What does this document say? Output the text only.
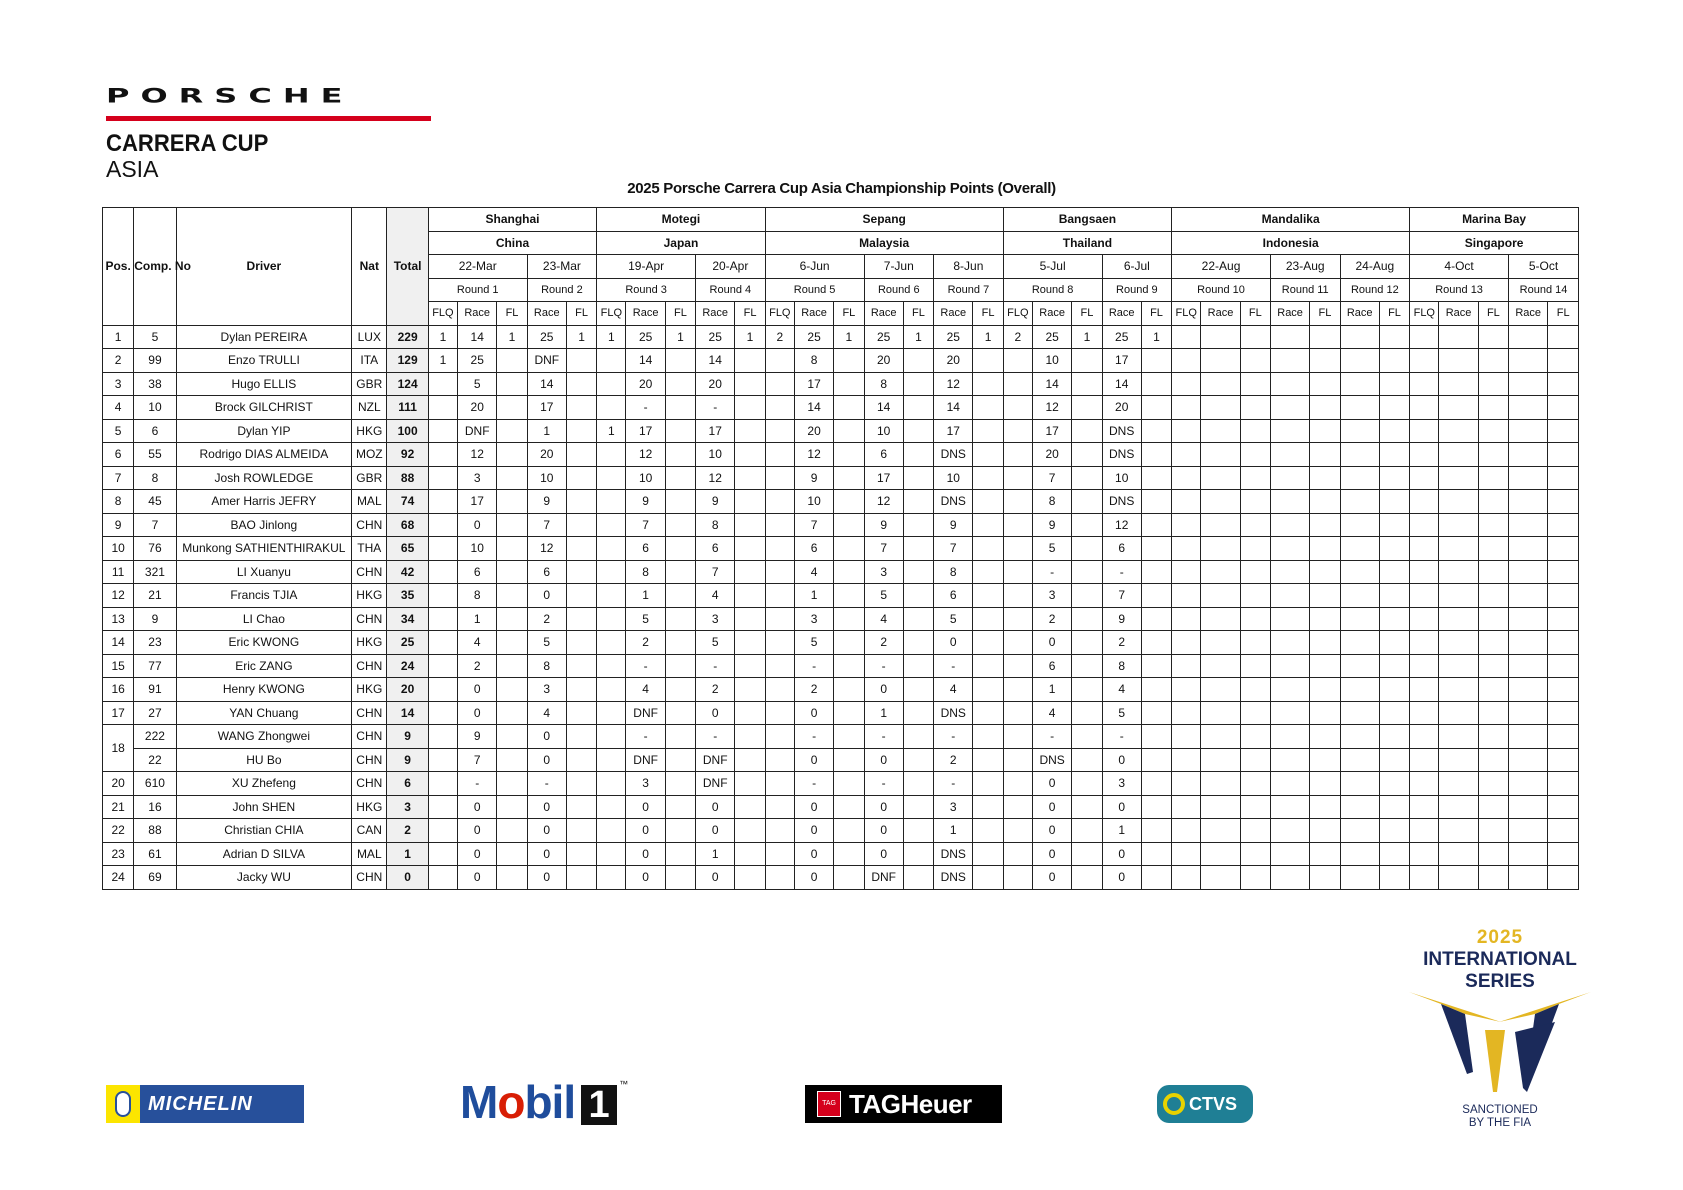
PORSCHE
CARRERA CUP
ASIA
2025 Porsche Carrera Cup Asia Championship Points (Overall)
Pos.	Comp. No	Driver	Nat	Total	Shanghai					Motegi					Sepang							Bangsaen					Mandalika							Marina Bay				
					China					Japan					Malaysia							Thailand					Indonesia							Singapore				
					22-Mar			23-Mar		19-Apr			20-Apr		6-Jun			7-Jun		8-Jun		5-Jul			6-Jul		22-Aug			23-Aug		24-Aug		4-Oct			5-Oct	
					Round 1			Round 2		Round 3			Round 4		Round 5			Round 6		Round 7		Round 8			Round 9		Round 10			Round 11		Round 12		Round 13			Round 14	
					FLQ	Race	FL	Race	FL	FLQ	Race	FL	Race	FL	FLQ	Race	FL	Race	FL	Race	FL	FLQ	Race	FL	Race	FL	FLQ	Race	FL	Race	FL	Race	FL	FLQ	Race	FL	Race	FL
1	5	Dylan PEREIRA	LUX	229	1	14	1	25	1	1	25	1	25	1	2	25	1	25	1	25	1	2	25	1	25	1												
2	99	Enzo TRULLI	ITA	129	1	25		DNF			14		14			8		20		20			10		17													
3	38	Hugo ELLIS	GBR	124		5		14			20		20			17		8		12			14		14													
4	10	Brock GILCHRIST	NZL	111		20		17			-		-			14		14		14			12		20													
5	6	Dylan YIP	HKG	100		DNF		1		1	17		17			20		10		17			17		DNS													
6	55	Rodrigo DIAS ALMEIDA	MOZ	92		12		20			12		10			12		6		DNS			20		DNS													
7	8	Josh ROWLEDGE	GBR	88		3		10			10		12			9		17		10			7		10													
8	45	Amer Harris JEFRY	MAL	74		17		9			9		9			10		12		DNS			8		DNS													
9	7	BAO Jinlong	CHN	68		0		7			7		8			7		9		9			9		12													
10	76	Munkong SATHIENTHIRAKUL	THA	65		10		12			6		6			6		7		7			5		6													
11	321	LI Xuanyu	CHN	42		6		6			8		7			4		3		8			-		-													
12	21	Francis TJIA	HKG	35		8		0			1		4			1		5		6			3		7													
13	9	LI Chao	CHN	34		1		2			5		3			3		4		5			2		9													
14	23	Eric KWONG	HKG	25		4		5			2		5			5		2		0			0		2													
15	77	Eric ZANG	CHN	24		2		8			-		-			-		-		-			6		8													
16	91	Henry KWONG	HKG	20		0		3			4		2			2		0		4			1		4													
17	27	YAN Chuang	CHN	14		0		4			DNF		0			0		1		DNS			4		5													
18	222	WANG Zhongwei	CHN	9		9		0			-		-			-		-		-			-		-													
	22	HU Bo	CHN	9		7		0			DNF		DNF			0		0		2			DNS		0													
20	610	XU Zhefeng	CHN	6		-		-			3		DNF			-		-		-			0		3													
21	16	John SHEN	HKG	3		0		0			0		0			0		0		3			0		0													
22	88	Christian CHIA	CAN	2		0		0			0		0			0		0		1			0		1													
23	61	Adrian D SILVA	MAL	1		0		0			0		1			0		0		DNS			0		0													
24	69	Jacky WU	CHN	0		0		0			0		0			0		DNF		DNS			0		0													
MICHELIN	Mobil 1	™
TAG TAGHeuer	CTVS
2025
INTERNATIONAL
SERIES
SANCTIONED
BY THE FIA
